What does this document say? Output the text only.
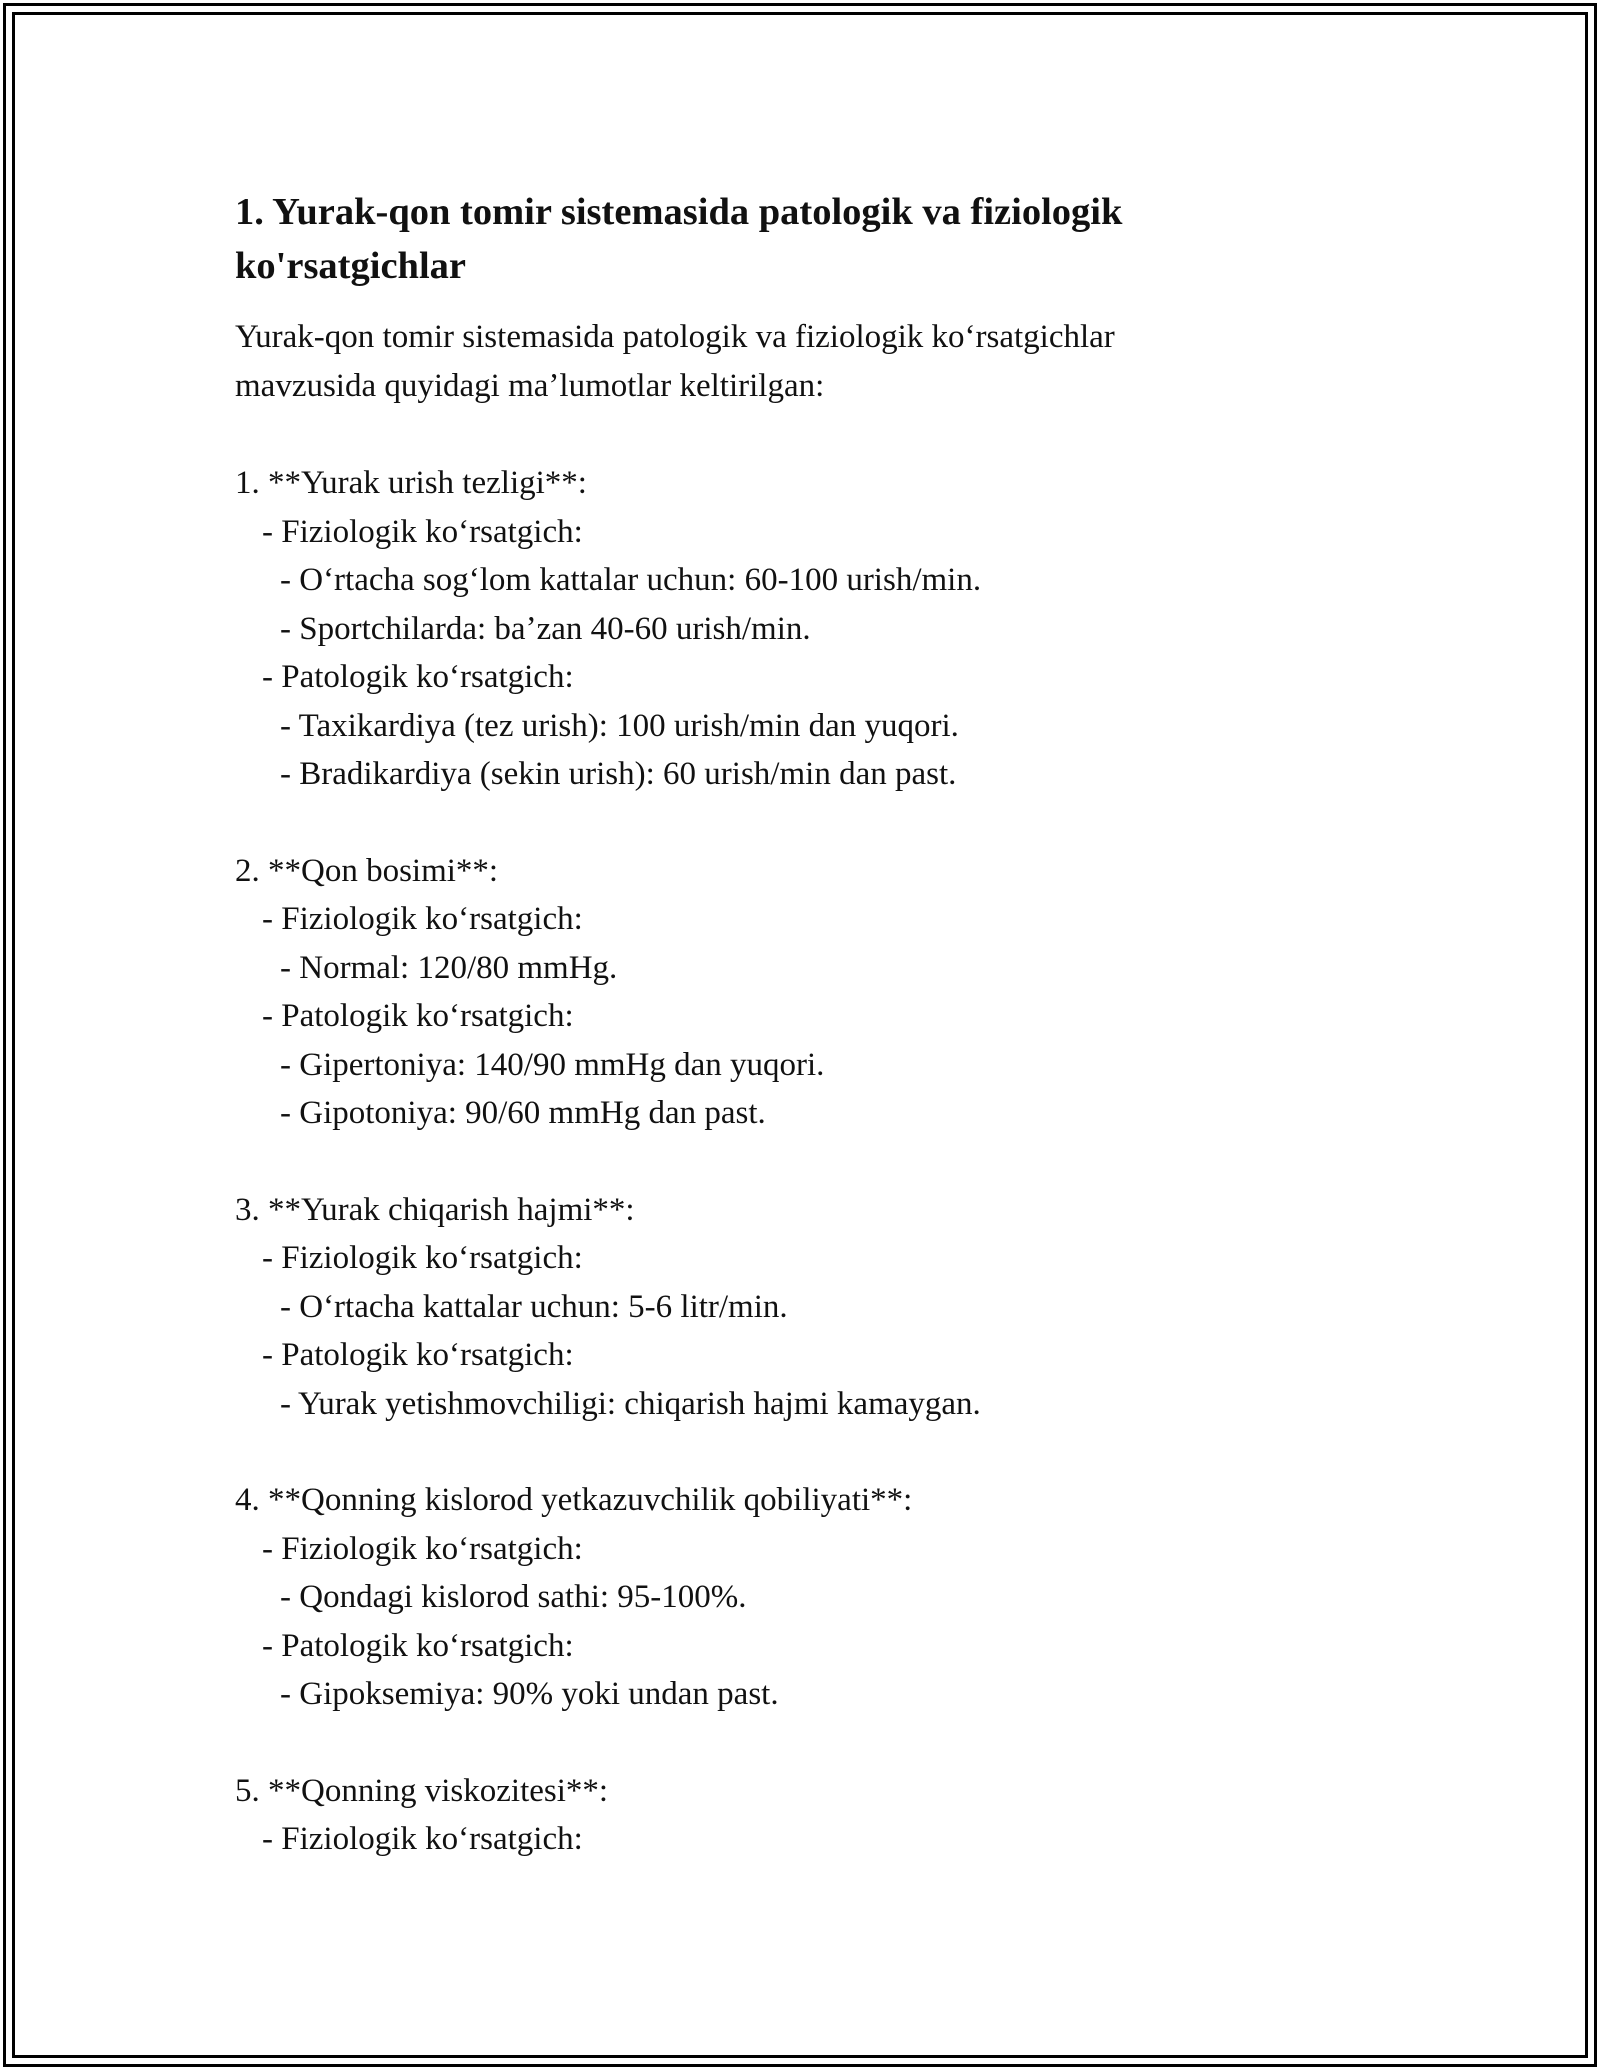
1. Yurak-qon tomir sistemasida patologik va fiziologik
ko'rsatgichlar

Yurak-qon tomir sistemasida patologik va fiziologik koʻrsatgichlar
mavzusida quyidagi maʼlumotlar keltirilgan:

1. **Yurak urish tezligi**:

- Fiziologik koʻrsatgich:

- Oʻrtacha sogʻlom kattalar uchun: 60-100 urish/min.

- Sportchilarda: baʼzan 40-60 urish/min.

- Patologik koʻrsatgich:

- Taxikardiya (tez urish): 100 urish/min dan yuqori.

- Bradikardiya (sekin urish): 60 urish/min dan past.

2. **Qon bosimi**:

- Fiziologik koʻrsatgich:

- Normal: 120/80 mmHg.

- Patologik koʻrsatgich:

- Gipertoniya: 140/90 mmHg dan yuqori.

- Gipotoniya: 90/60 mmHg dan past.

3. **Yurak chiqarish hajmi**:

- Fiziologik koʻrsatgich:

- Oʻrtacha kattalar uchun: 5-6 litr/min.

- Patologik koʻrsatgich:

- Yurak yetishmovchiligi: chiqarish hajmi kamaygan.

4. **Qonning kislorod yetkazuvchilik qobiliyati**:

- Fiziologik koʻrsatgich:

- Qondagi kislorod sathi: 95-100%.

- Patologik koʻrsatgich:

- Gipoksemiya: 90% yoki undan past.

5. **Qonning viskozitesi**:

- Fiziologik koʻrsatgich:
